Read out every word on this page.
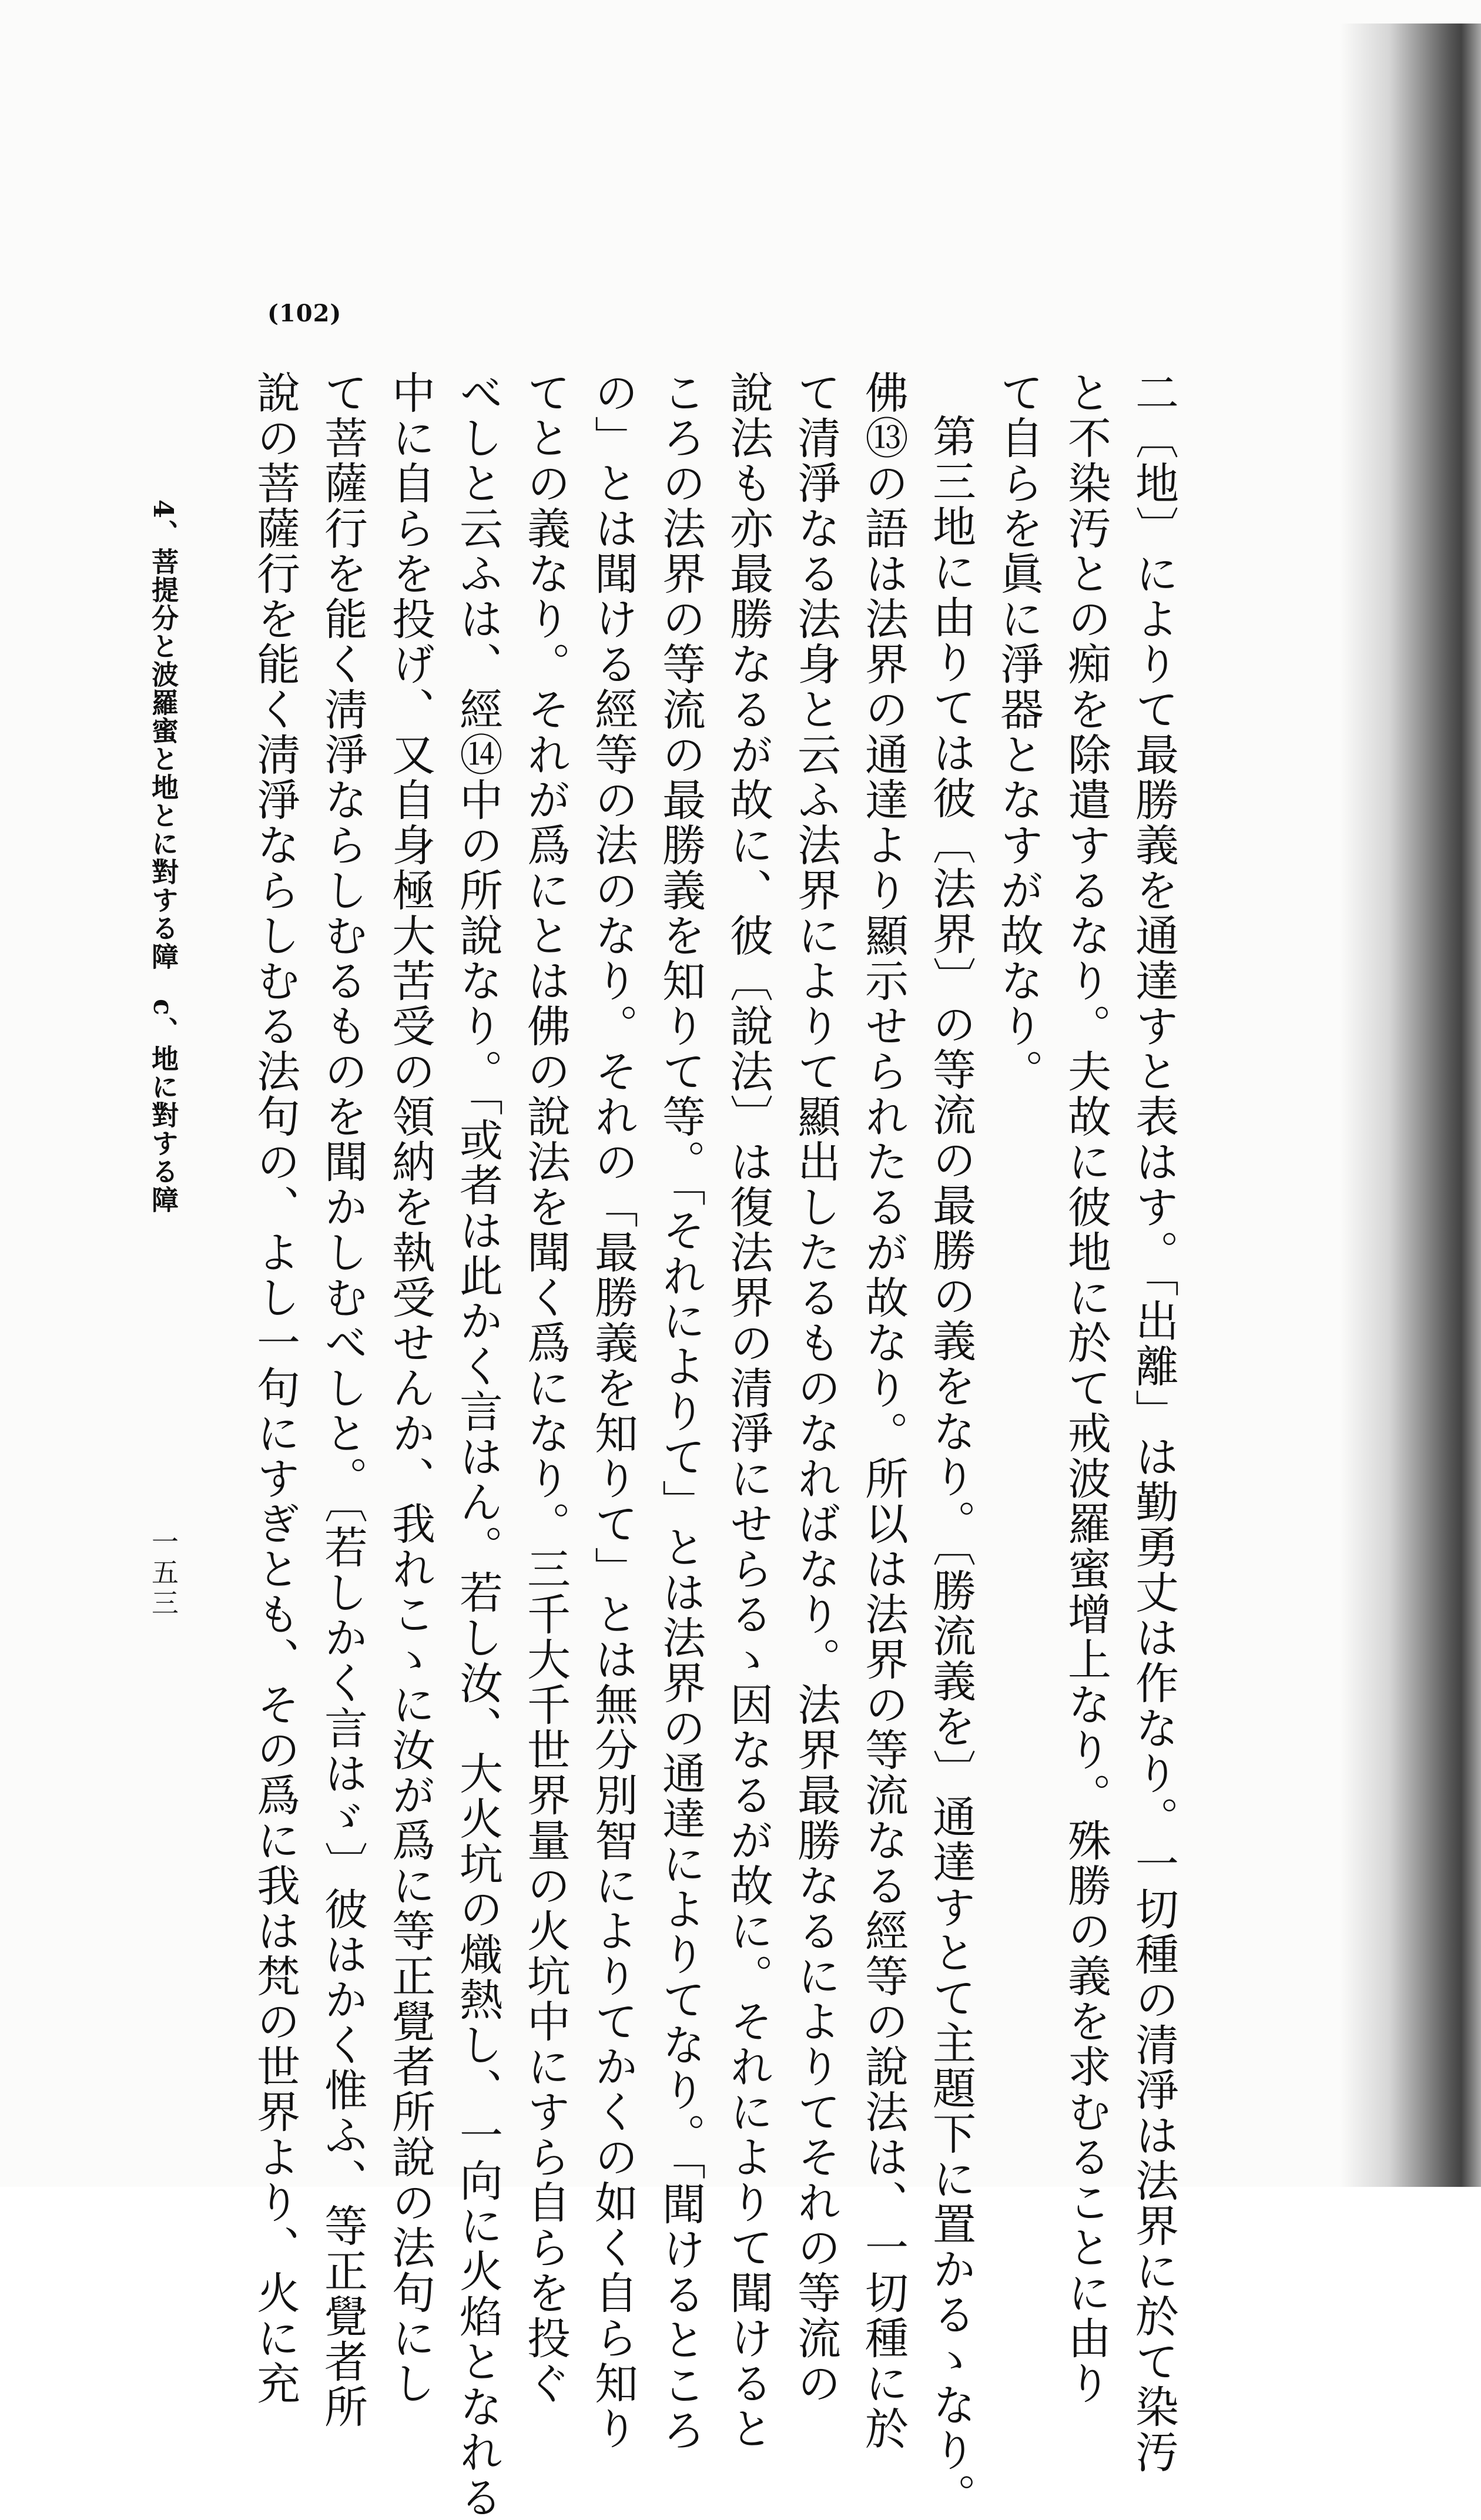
(102)
二〔地〕によりて最勝義を通達すと表はす。「出離」は勤勇丈は作なり。一切種の清淨は法界に於て染汚
と不染汚との痴を除遣するなり。夫故に彼地に於て戒波羅蜜增上なり。殊勝の義を求むることに由り
て自らを眞に淨器となすが故なり。
第三地に由りては彼〔法界〕の等流の最勝の義をなり。〔勝流義を〕通達すとて主題下に置かるゝなり。
佛⑬の語は法界の通達より顯示せられたるが故なり。所以は法界の等流なる經等の說法は、一切種に於
て清淨なる法身と云ふ法界によりて顯出したるものなればなり。法界最勝なるによりてそれの等流の
說法も亦最勝なるが故に、彼〔說法〕は復法界の清淨にせらるゝ因なるが故に。それによりて聞けると
ころの法界の等流の最勝義を知りて等。「それによりて」とは法界の通達によりてなり。「聞けるところ
の」とは聞ける經等の法のなり。それの「最勝義を知りて」とは無分別智によりてかくの如く自ら知り
てとの義なり。それが爲にとは佛の說法を聞く爲になり。三千大千世界量の火坑中にすら自らを投ぐ
べしと云ふは、經⑭中の所說なり。「或者は此かく言はん。若し汝、大火坑の熾熱し、一向に火焰となれる
中に自らを投げ、又自身極大苦受の領納を執受せんか、我れこゝに汝が爲に等正覺者所說の法句にし
て菩薩行を能く淸淨ならしむるものを聞かしむべしと。〔若しかく言はゞ〕彼はかく惟ふ、等正覺者所
說の菩薩行を能く淸淨ならしむる法句の、よし一句にすぎとも、その爲に我は梵の世界より、火に充
4、菩提分と波羅蜜と地とに對する障　c、地に對する障
一五三
